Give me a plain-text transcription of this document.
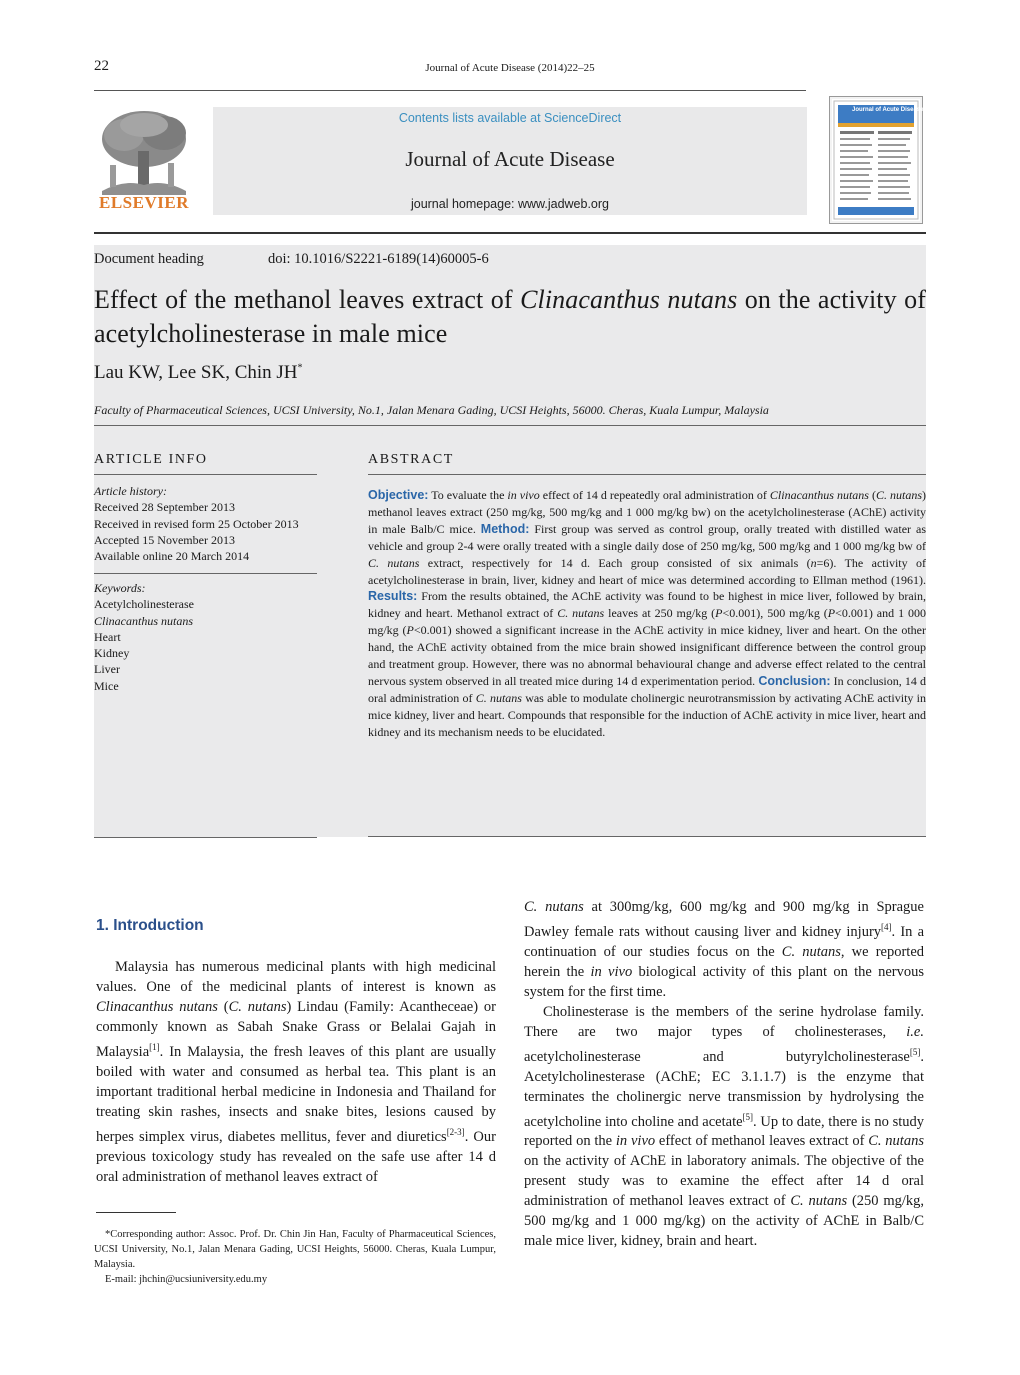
22	Journal of Acute Disease (2014)22–25
ELSEVIER
Contents lists available at ScienceDirect
Journal of Acute Disease
journal homepage: www.jadweb.org
Journal of Acute Disease
Document heading	doi: 10.1016/S2221-6189(14)60005-6
Effect of the methanol leaves extract of Clinacanthus nutans on the activity of acetylcholinesterase in male mice
Lau KW, Lee SK, Chin JH*
Faculty of Pharmaceutical Sciences, UCSI University, No.1, Jalan Menara Gading, UCSI Heights, 56000. Cheras, Kuala Lumpur, Malaysia
ARTICLE INFO	ABSTRACT
Article history:
Received 28 September 2013
Received in revised form 25 October 2013
Accepted 15 November 2013
Available online 20 March 2014
Keywords:
Acetylcholinesterase
Clinacanthus nutans
Heart
Kidney
Liver
Mice
Objective: To evaluate the in vivo effect of 14 d repeatedly oral administration of Clinacanthus nutans (C. nutans) methanol leaves extract (250 mg/kg, 500 mg/kg and 1 000 mg/kg bw) on the acetylcholinesterase (AChE) activity in male Balb/C mice. Method: First group was served as control group, orally treated with distilled water as vehicle and group 2-4 were orally treated with a single daily dose of 250 mg/kg, 500 mg/kg and 1 000 mg/kg bw of C. nutans extract, respectively for 14 d. Each group consisted of six animals (n=6). The activity of acetylcholinesterase in brain, liver, kidney and heart of mice was determined according to Ellman method (1961). Results: From the results obtained, the AChE activity was found to be highest in mice liver, followed by brain, kidney and heart. Methanol extract of C. nutans leaves at 250 mg/kg (P<0.001), 500 mg/kg (P<0.001) and 1 000 mg/kg (P<0.001) showed a significant increase in the AChE activity in mice kidney, liver and heart. On the other hand, the AChE activity obtained from the mice brain showed insignificant difference between the control group and treatment group. However, there was no abnormal behavioural change and adverse effect related to the central nervous system observed in all treated mice during 14 d experimentation period. Conclusion: In conclusion, 14 d oral administration of C. nutans was able to modulate cholinergic neurotransmission by activating AChE activity in mice kidney, liver and heart. Compounds that responsible for the induction of AChE activity in mice liver, heart and kidney and its mechanism needs to be elucidated.
1. Introduction

Malaysia has numerous medicinal plants with high medicinal values. One of the medicinal plants of interest is known as Clinacanthus nutans (C. nutans) Lindau (Family: Acantheceae) or commonly known as Sabah Snake Grass or Belalai Gajah in Malaysia[1]. In Malaysia, the fresh leaves of this plant are usually boiled with water and consumed as herbal tea. This plant is an important traditional herbal medicine in Indonesia and Thailand for treating skin rashes, insects and snake bites, lesions caused by herpes simplex virus, diabetes mellitus, fever and diuretics[2-3]. Our previous toxicology study has revealed on the safe use after 14 d oral administration of methanol leaves extract of

C. nutans at 300mg/kg, 600 mg/kg and 900 mg/kg in Sprague Dawley female rats without causing liver and kidney injury[4]. In a continuation of our studies focus on the C. nutans, we reported herein the in vivo biological activity of this plant on the nervous system for the first time.

Cholinesterase is the members of the serine hydrolase family. There are two major types of cholinesterases, i.e. acetylcholinesterase and butyrylcholinesterase[5]. Acetylcholinesterase (AChE; EC 3.1.1.7) is the enzyme that terminates the cholinergic nerve transmission by hydrolysing the acetylcholine into choline and acetate[5]. Up to date, there is no study reported on the in vivo effect of methanol leaves extract of C. nutans on the activity of AChE in laboratory animals. The objective of the present study was to examine the effect after 14 d oral administration of methanol leaves extract of C. nutans (250 mg/kg, 500 mg/kg and 1 000 mg/kg) on the activity of AChE in Balb/C male mice liver, kidney, brain and heart.

*Corresponding author: Assoc. Prof. Dr. Chin Jin Han, Faculty of Pharmaceutical Sciences, UCSI University, No.1, Jalan Menara Gading, UCSI Heights, 56000. Cheras, Kuala Lumpur, Malaysia.
E-mail: jhchin@ucsiuniversity.edu.my
